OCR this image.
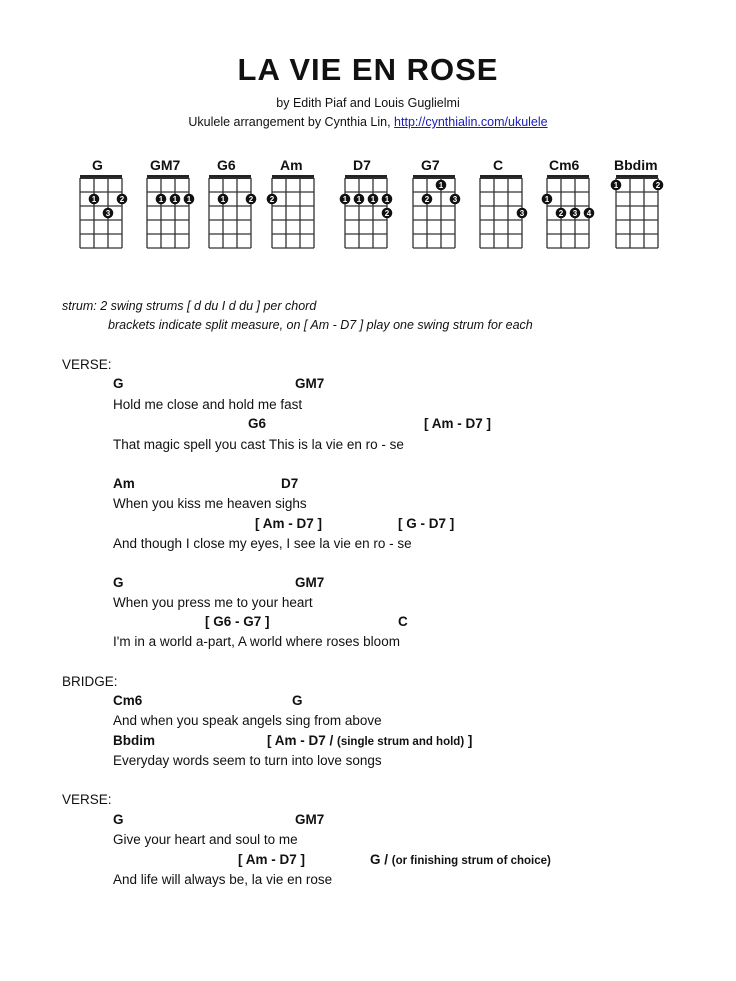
LA VIE EN ROSE
by Edith Piaf and Louis Guglielmi
Ukulele arrangement by Cynthia Lin, http://cynthialin.com/ukulele
G
1	2
3
GM7
1 1 1
G6
1	2
Am
2
D7
1 1 1 1
2
G7
1
2	3
C
3
Cm6
1
2 3 4
Bbdim
1	2
strum: 2 swing strums [ d du I d du ] per chord
brackets indicate split measure, on [ Am - D7 ] play one swing strum for each
VERSE:
G	GM7
Hold me close and hold me fast
G6	[ Am - D7 ]
That magic spell you cast This is la vie en ro - se
Am	D7
When you kiss me heaven sighs
[ Am - D7 ]	[ G - D7 ]
And though I close my eyes, I see la vie en ro - se
G	GM7
When you press me to your heart
[ G6 - G7 ]	C
I'm in a world a-part, A world where roses bloom
BRIDGE:
Cm6	G
And when you speak angels sing from above
Bbdim	[ Am - D7 / (single strum and hold) ]
Everyday words seem to turn into love songs
VERSE:
G	GM7
Give your heart and soul to me
[ Am - D7 ]	G / (or finishing strum of choice)
And life will always be, la vie en rose
